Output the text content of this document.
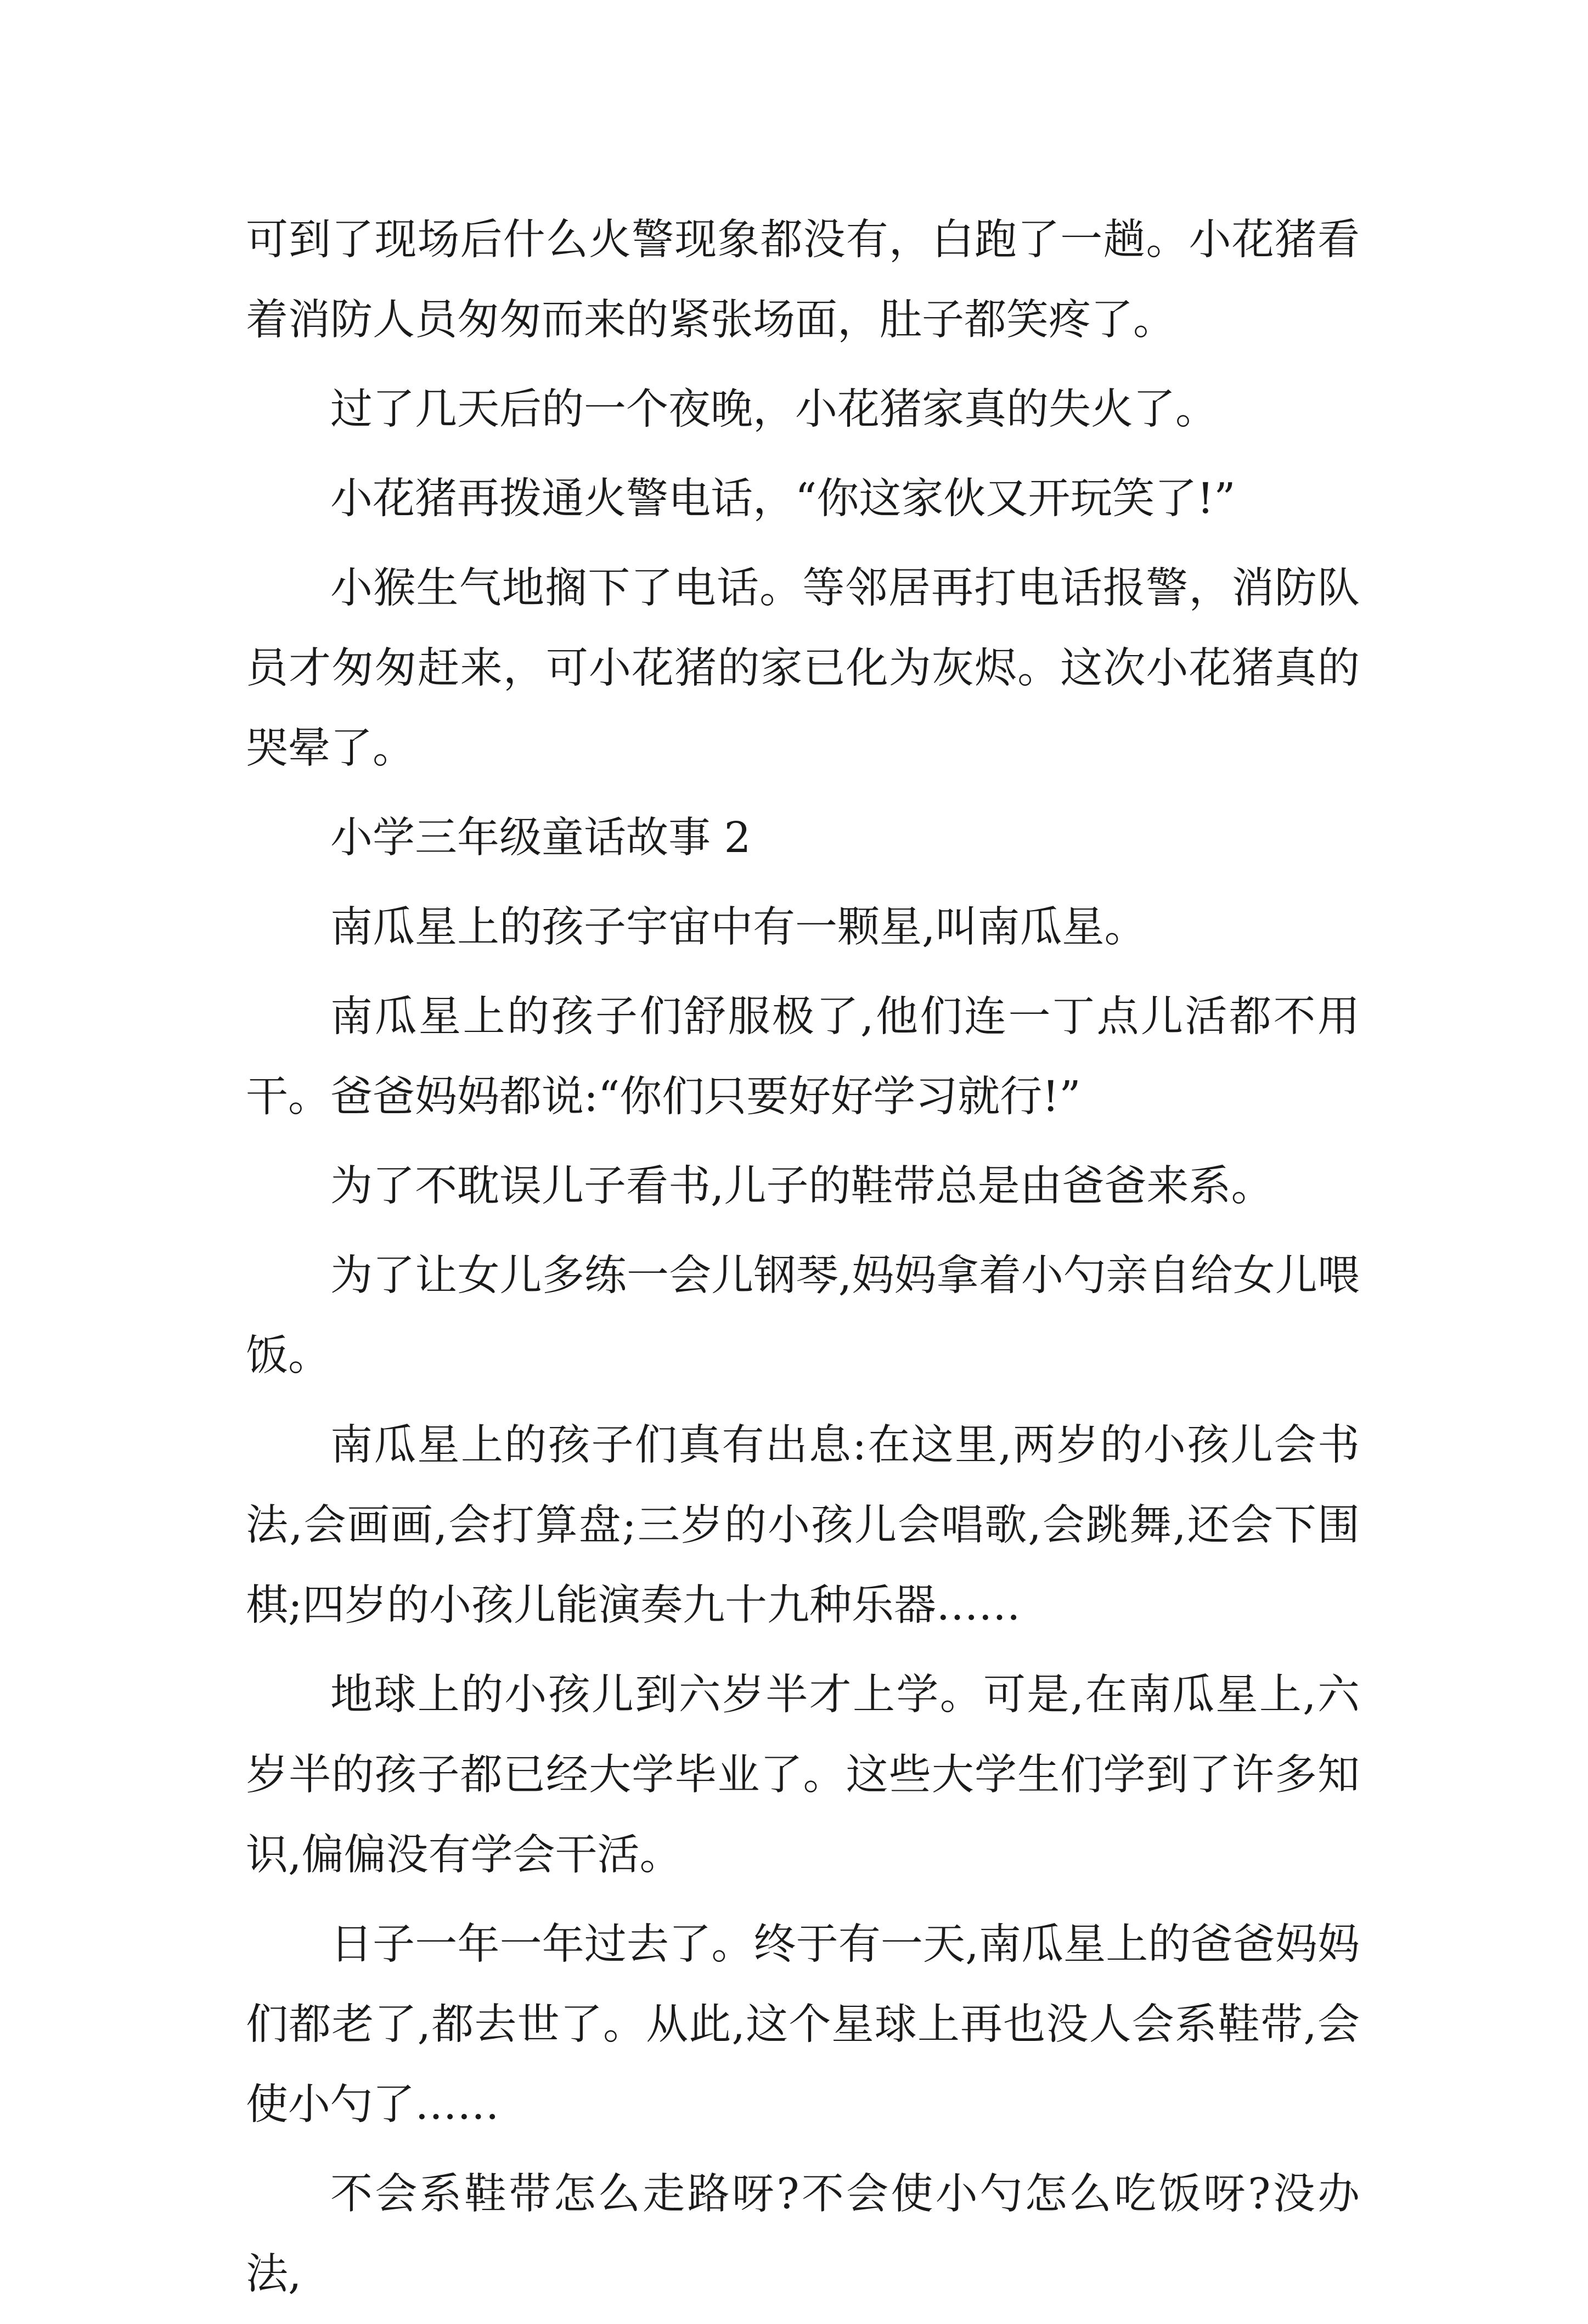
可到了现场后什么火警现象都没有，白跑了一趟。小花猪看着消防人员匆匆而来的紧张场面，肚子都笑疼了。

过了几天后的一个夜晚，小花猪家真的失火了。

小花猪再拨通火警电话，“你这家伙又开玩笑了!”

小猴生气地搁下了电话。等邻居再打电话报警，消防队员才匆匆赶来，可小花猪的家已化为灰烬。这次小花猪真的哭晕了。

小学三年级童话故事 2

南瓜星上的孩子宇宙中有一颗星,叫南瓜星。

南瓜星上的孩子们舒服极了,他们连一丁点儿活都不用干。爸爸妈妈都说:“你们只要好好学习就行!”

为了不耽误儿子看书,儿子的鞋带总是由爸爸来系。

为了让女儿多练一会儿钢琴,妈妈拿着小勺亲自给女儿喂饭。

南瓜星上的孩子们真有出息:在这里,两岁的小孩儿会书法,会画画,会打算盘;三岁的小孩儿会唱歌,会跳舞,还会下围棋;四岁的小孩儿能演奏九十九种乐器……

地球上的小孩儿到六岁半才上学。可是,在南瓜星上,六岁半的孩子都已经大学毕业了。这些大学生们学到了许多知识,偏偏没有学会干活。

日子一年一年过去了。终于有一天,南瓜星上的爸爸妈妈们都老了,都去世了。从此,这个星球上再也没人会系鞋带,会使小勺了……

不会系鞋带怎么走路呀?不会使小勺怎么吃饭呀?没办法,
